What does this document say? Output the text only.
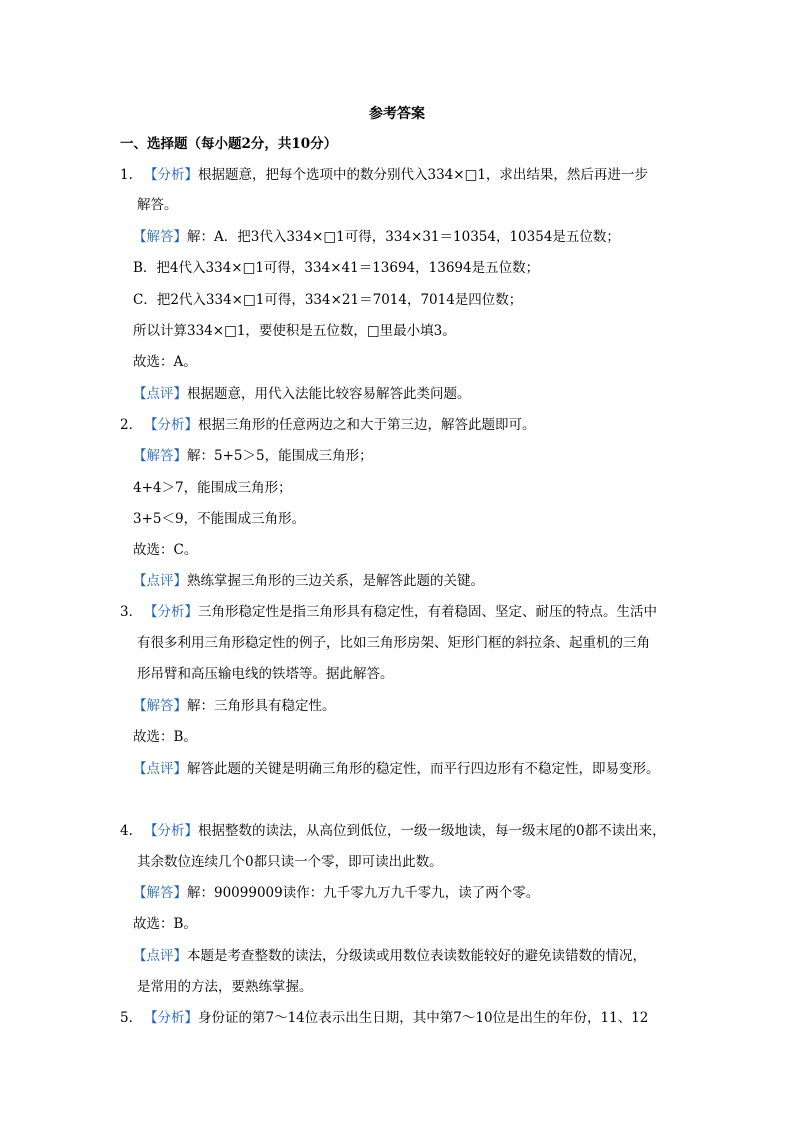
参考答案
一、选择题（每小题2分，共10分）
1． 【分析】根据题意，把每个选项中的数分别代入334×□1，求出结果，然后再进一步
解答。
【解答】解：A．把3代入334×□1可得，334×31＝10354，10354是五位数；
B．把4代入334×□1可得，334×41＝13694，13694是五位数；
C．把2代入334×□1可得，334×21＝7014，7014是四位数；
所以计算334×□1，要使积是五位数，□里最小填3。
故选：A。
【点评】根据题意，用代入法能比较容易解答此类问题。
2． 【分析】根据三角形的任意两边之和大于第三边，解答此题即可。
【解答】解：5+5＞5，能围成三角形；
4+4＞7，能围成三角形；
3+5＜9，不能围成三角形。
故选：C。
【点评】熟练掌握三角形的三边关系，是解答此题的关键。
3． 【分析】三角形稳定性是指三角形具有稳定性，有着稳固、坚定、耐压的特点。生活中
有很多利用三角形稳定性的例子，比如三角形房架、矩形门框的斜拉条、起重机的三角
形吊臂和高压输电线的铁塔等。据此解答。
【解答】解：三角形具有稳定性。
故选：B。
【点评】解答此题的关键是明确三角形的稳定性，而平行四边形有不稳定性，即易变形。
4． 【分析】根据整数的读法，从高位到低位，一级一级地读，每一级末尾的0都不读出来，
其余数位连续几个0都只读一个零，即可读出此数。
【解答】解：90099009读作：九千零九万九千零九，读了两个零。
故选：B。
【点评】本题是考查整数的读法，分级读或用数位表读数能较好的避免读错数的情况，
是常用的方法，要熟练掌握。
5． 【分析】身份证的第7～14位表示出生日期，其中第7～10位是出生的年份，11、12
